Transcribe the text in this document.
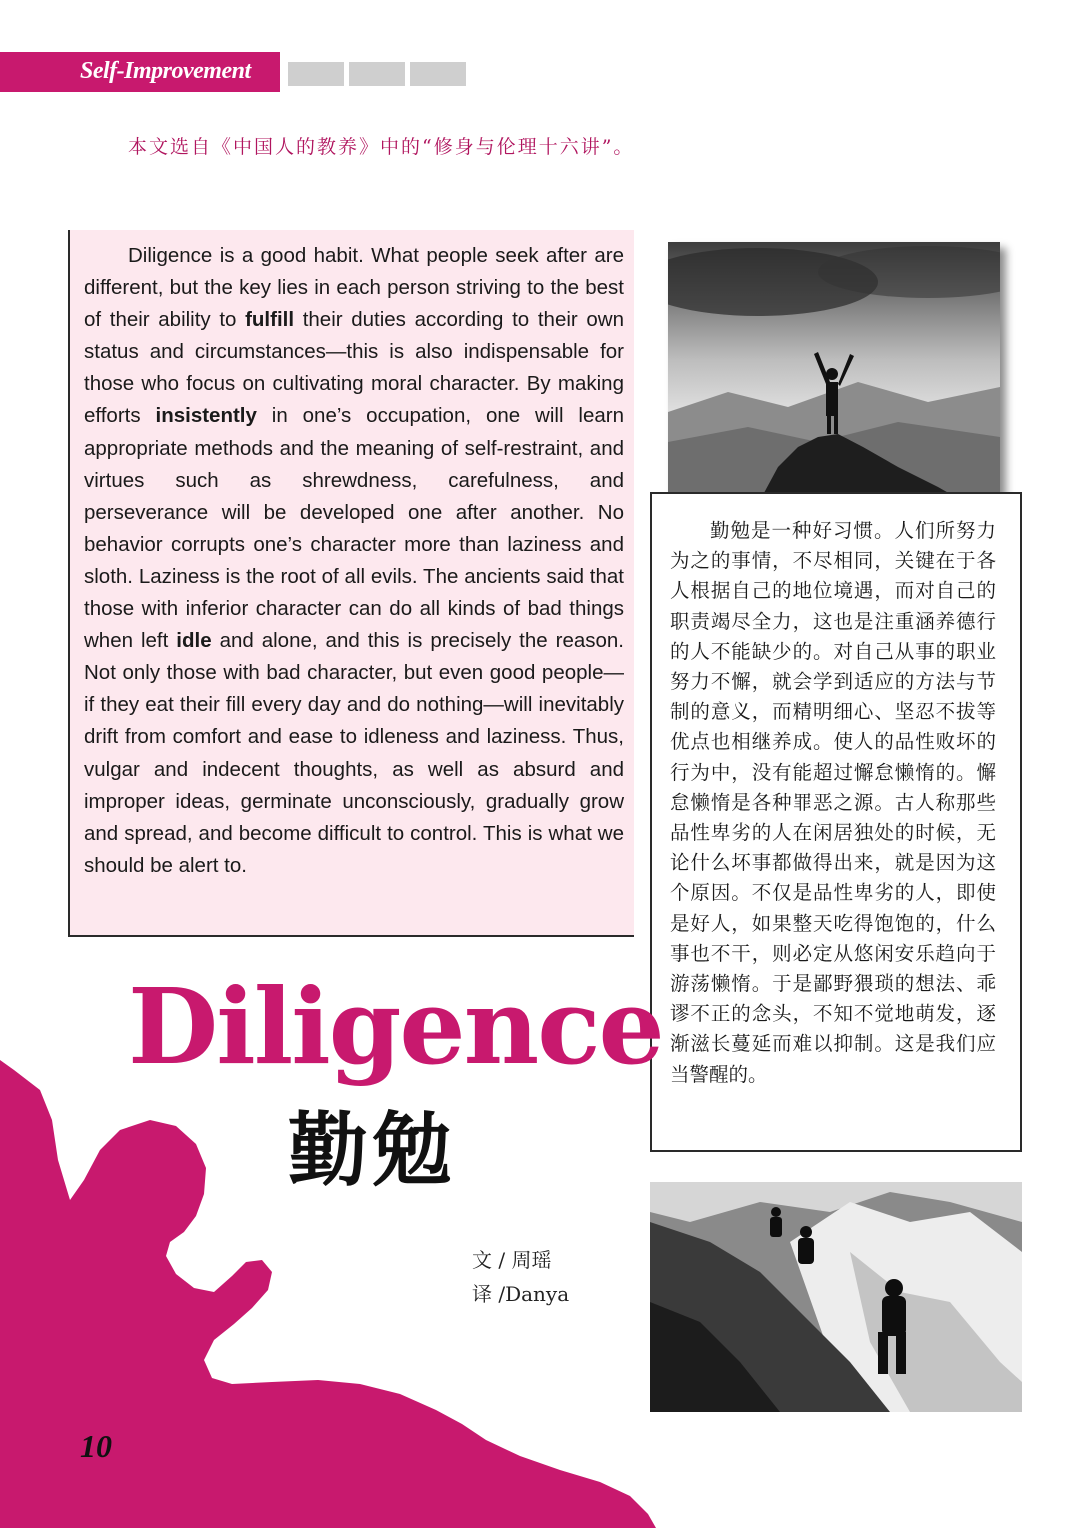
Self-Improvement
本文选自《中国人的教养》中的“修身与伦理十六讲”。
Diligence is a good habit. What people seek after are different, but the key lies in each person striving to the best of their ability to fulfill their duties according to their own status and circumstances—this is also indispensable for those who focus on cultivating moral character. By making efforts insistently in one’s occupation, one will learn appropriate methods and the meaning of self-restraint, and virtues such as shrewdness, carefulness, and perseverance will be developed one after another. No behavior corrupts one’s character more than laziness and sloth. Laziness is the root of all evils. The ancients said that those with inferior character can do all kinds of bad things when left idle and alone, and this is precisely the reason. Not only those with bad character, but even good people—if they eat their fill every day and do nothing—will inevitably drift from comfort and ease to idleness and laziness. Thus, vulgar and indecent thoughts, as well as absurd and improper ideas, germinate unconsciously, gradually grow and spread, and become difficult to control. This is what we should be alert to.
勤勉是一种好习惯。人们所努力为之的事情，不尽相同，关键在于各人根据自己的地位境遇，而对自己的职责竭尽全力，这也是注重涵养德行的人不能缺少的。对自己从事的职业努力不懈，就会学到适应的方法与节制的意义，而精明细心、坚忍不拔等优点也相继养成。使人的品性败坏的行为中，没有能超过懈怠懒惰的。懈怠懒惰是各种罪恶之源。古人称那些品性卑劣的人在闲居独处的时候，无论什么坏事都做得出来，就是因为这个原因。不仅是品性卑劣的人，即使是好人，如果整天吃得饱饱的，什么事也不干，则必定从悠闲安乐趋向于游荡懒惰。于是鄙野猥琐的想法、乖谬不正的念头，不知不觉地萌发，逐渐滋长蔓延而难以抑制。这是我们应当警醒的。
Diligence
勤勉
文 / 周瑶
译 /Danya
10
